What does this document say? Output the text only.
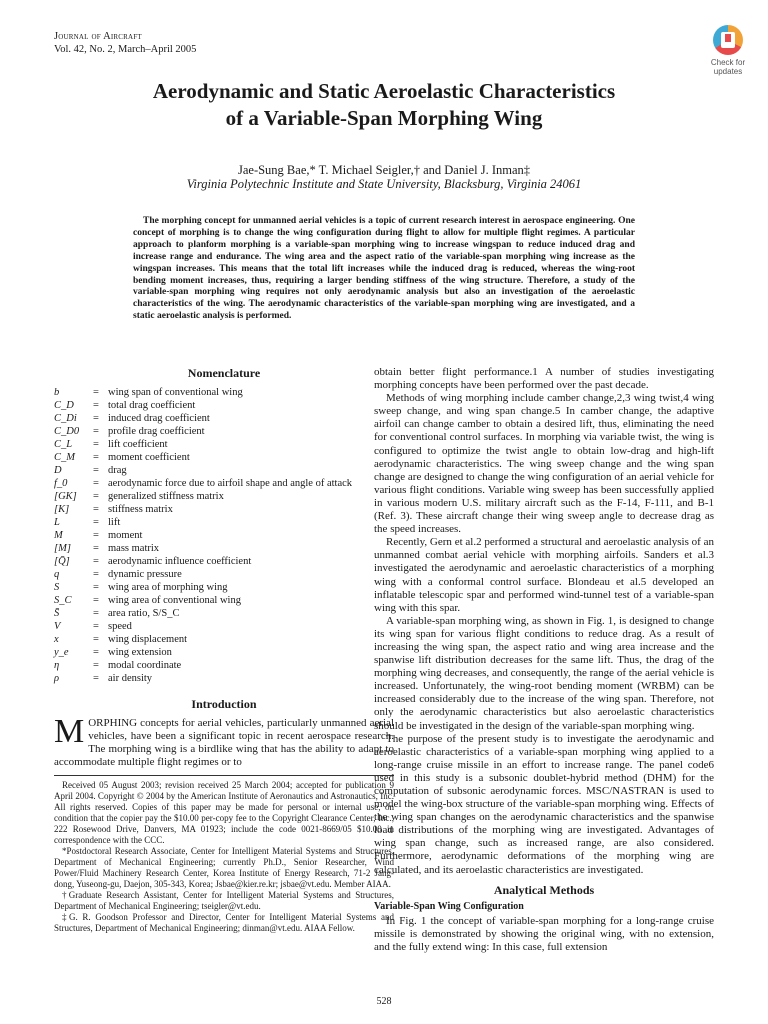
Journal of Aircraft
Vol. 42, No. 2, March–April 2005
Check for updates
Aerodynamic and Static Aeroelastic Characteristics
of a Variable-Span Morphing Wing
Jae-Sung Bae,* T. Michael Seigler,† and Daniel J. Inman‡
Virginia Polytechnic Institute and State University, Blacksburg, Virginia 24061
The morphing concept for unmanned aerial vehicles is a topic of current research interest in aerospace engineering. One concept of morphing is to change the wing configuration during flight to allow for multiple flight regimes. A particular approach to planform morphing is a variable-span morphing wing to increase wingspan to reduce induced drag and increase range and endurance. The wing area and the aspect ratio of the variable-span morphing wing increase as the wingspan increases. This means that the total lift increases while the induced drag is reduced, whereas the wing-root bending moment increases, thus, requiring a larger bending stiffness of the wing structure. Therefore, a study of the variable-span morphing wing requires not only aerodynamic analysis but also an investigation of the aeroelastic characteristics of the wing. The aerodynamic characteristics of the variable-span morphing wing are investigated, and a static aeroelastic analysis is performed.
Nomenclature
b	=	wing span of conventional wing
C_D	=	total drag coefficient
C_Di	=	induced drag coefficient
C_D0	=	profile drag coefficient
C_L	=	lift coefficient
C_M	=	moment coefficient
D	=	drag
f_0	=	aerodynamic force due to airfoil shape and angle of attack
[GK]	=	generalized stiffness matrix
[K]	=	stiffness matrix
L	=	lift
M	=	moment
[M]	=	mass matrix
[Q̄]	=	aerodynamic influence coefficient
q	=	dynamic pressure
S	=	wing area of morphing wing
S_C	=	wing area of conventional wing
S̄	=	area ratio, S/S_C
V	=	speed
x	=	wing displacement
y_e	=	wing extension
η	=	modal coordinate
ρ	=	air density
Introduction

MORPHING concepts for aerial vehicles, particularly unmanned aerial vehicles, have been a significant topic in recent aerospace research. The morphing wing is a birdlike wing that has the ability to adapt to accommodate multiple flight regimes or to

Received 05 August 2003; revision received 25 March 2004; accepted for publication 9 April 2004. Copyright © 2004 by the American Institute of Aeronautics and Astronautics, Inc. All rights reserved. Copies of this paper may be made for personal or internal use, on condition that the copier pay the $10.00 per-copy fee to the Copyright Clearance Center, Inc., 222 Rosewood Drive, Danvers, MA 01923; include the code 0021-8669/05 $10.00 in correspondence with the CCC.

*Postdoctoral Research Associate, Center for Intelligent Material Systems and Structures, Department of Mechanical Engineering; currently Ph.D., Senior Researcher, Wind Power/Fluid Machinery Research Center, Korea Institute of Energy Research, 71-2 Jang-dong, Yuseong-gu, Daejon, 305-343, Korea; Jsbae@kier.re.kr; jsbae@vt.edu. Member AIAA.

†Graduate Research Assistant, Center for Intelligent Material Systems and Structures, Department of Mechanical Engineering; tseigler@vt.edu.

‡G. R. Goodson Professor and Director, Center for Intelligent Material Systems and Structures, Department of Mechanical Engineering; dinman@vt.edu. AIAA Fellow.

obtain better flight performance.1 A number of studies investigating morphing concepts have been performed over the past decade.

Methods of wing morphing include camber change,2,3 wing twist,4 wing sweep change, and wing span change.5 In camber change, the adaptive airfoil can change camber to obtain a desired lift, thus, eliminating the need for conventional control surfaces. In morphing via variable twist, the wing is configured to optimize the twist angle to obtain low-drag and high-lift aerodynamic characteristics. The wing sweep change and the wing span change are designed to change the wing configuration of an aerial vehicle for various flight conditions. Variable wing sweep has been successfully applied in various modern U.S. military aircraft such as the F-14, F-111, and B-1 (Ref. 3). These aircraft change their wing sweep angle to decrease drag as the speed increases.

Recently, Gern et al.2 performed a structural and aeroelastic analysis of an unmanned combat aerial vehicle with morphing airfoils. Sanders et al.3 investigated the aerodynamic and aeroelastic characteristics of a morphing wing with a conformal control surface. Blondeau et al.5 developed an inflatable telescopic spar and performed wind-tunnel test of a variable-span wing with this spar.

A variable-span morphing wing, as shown in Fig. 1, is designed to change its wing span for various flight conditions to reduce drag. As a result of increasing the wing span, the aspect ratio and wing area increase and the spanwise lift distribution decreases for the same lift. Thus, the drag of the morphing wing decreases, and consequently, the range of the aerial vehicle is increased. Unfortunately, the wing-root bending moment (WRBM) can be increased considerably due to the increase of the wing span. Therefore, not only the aerodynamic characteristics but also aeroelastic characteristics should be investigated in the design of the variable-span morphing wing.

The purpose of the present study is to investigate the aerodynamic and aeroelastic characteristics of a variable-span morphing wing applied to a long-range cruise missile in an effort to increase range. The panel code6 used in this study is a subsonic doublet-hybrid method (DHM) for the computation of subsonic aerodynamic forces. MSC/NASTRAN is used to model the wing-box structure of the variable-span morphing wing. Effects of the wing span changes on the aerodynamic characteristics and the spanwise load distributions of the morphing wing are investigated. Advantages of wing span change, such as increased range, are also considered. Furthermore, aerodynamic deformations of the morphing wing are calculated, and its aeroelastic characteristics are investigated.

Analytical Methods
Variable-Span Wing Configuration

In Fig. 1 the concept of variable-span morphing for a long-range cruise missile is demonstrated by showing the original wing, with no extension, and the fully extend wing: In this case, full extension

528
